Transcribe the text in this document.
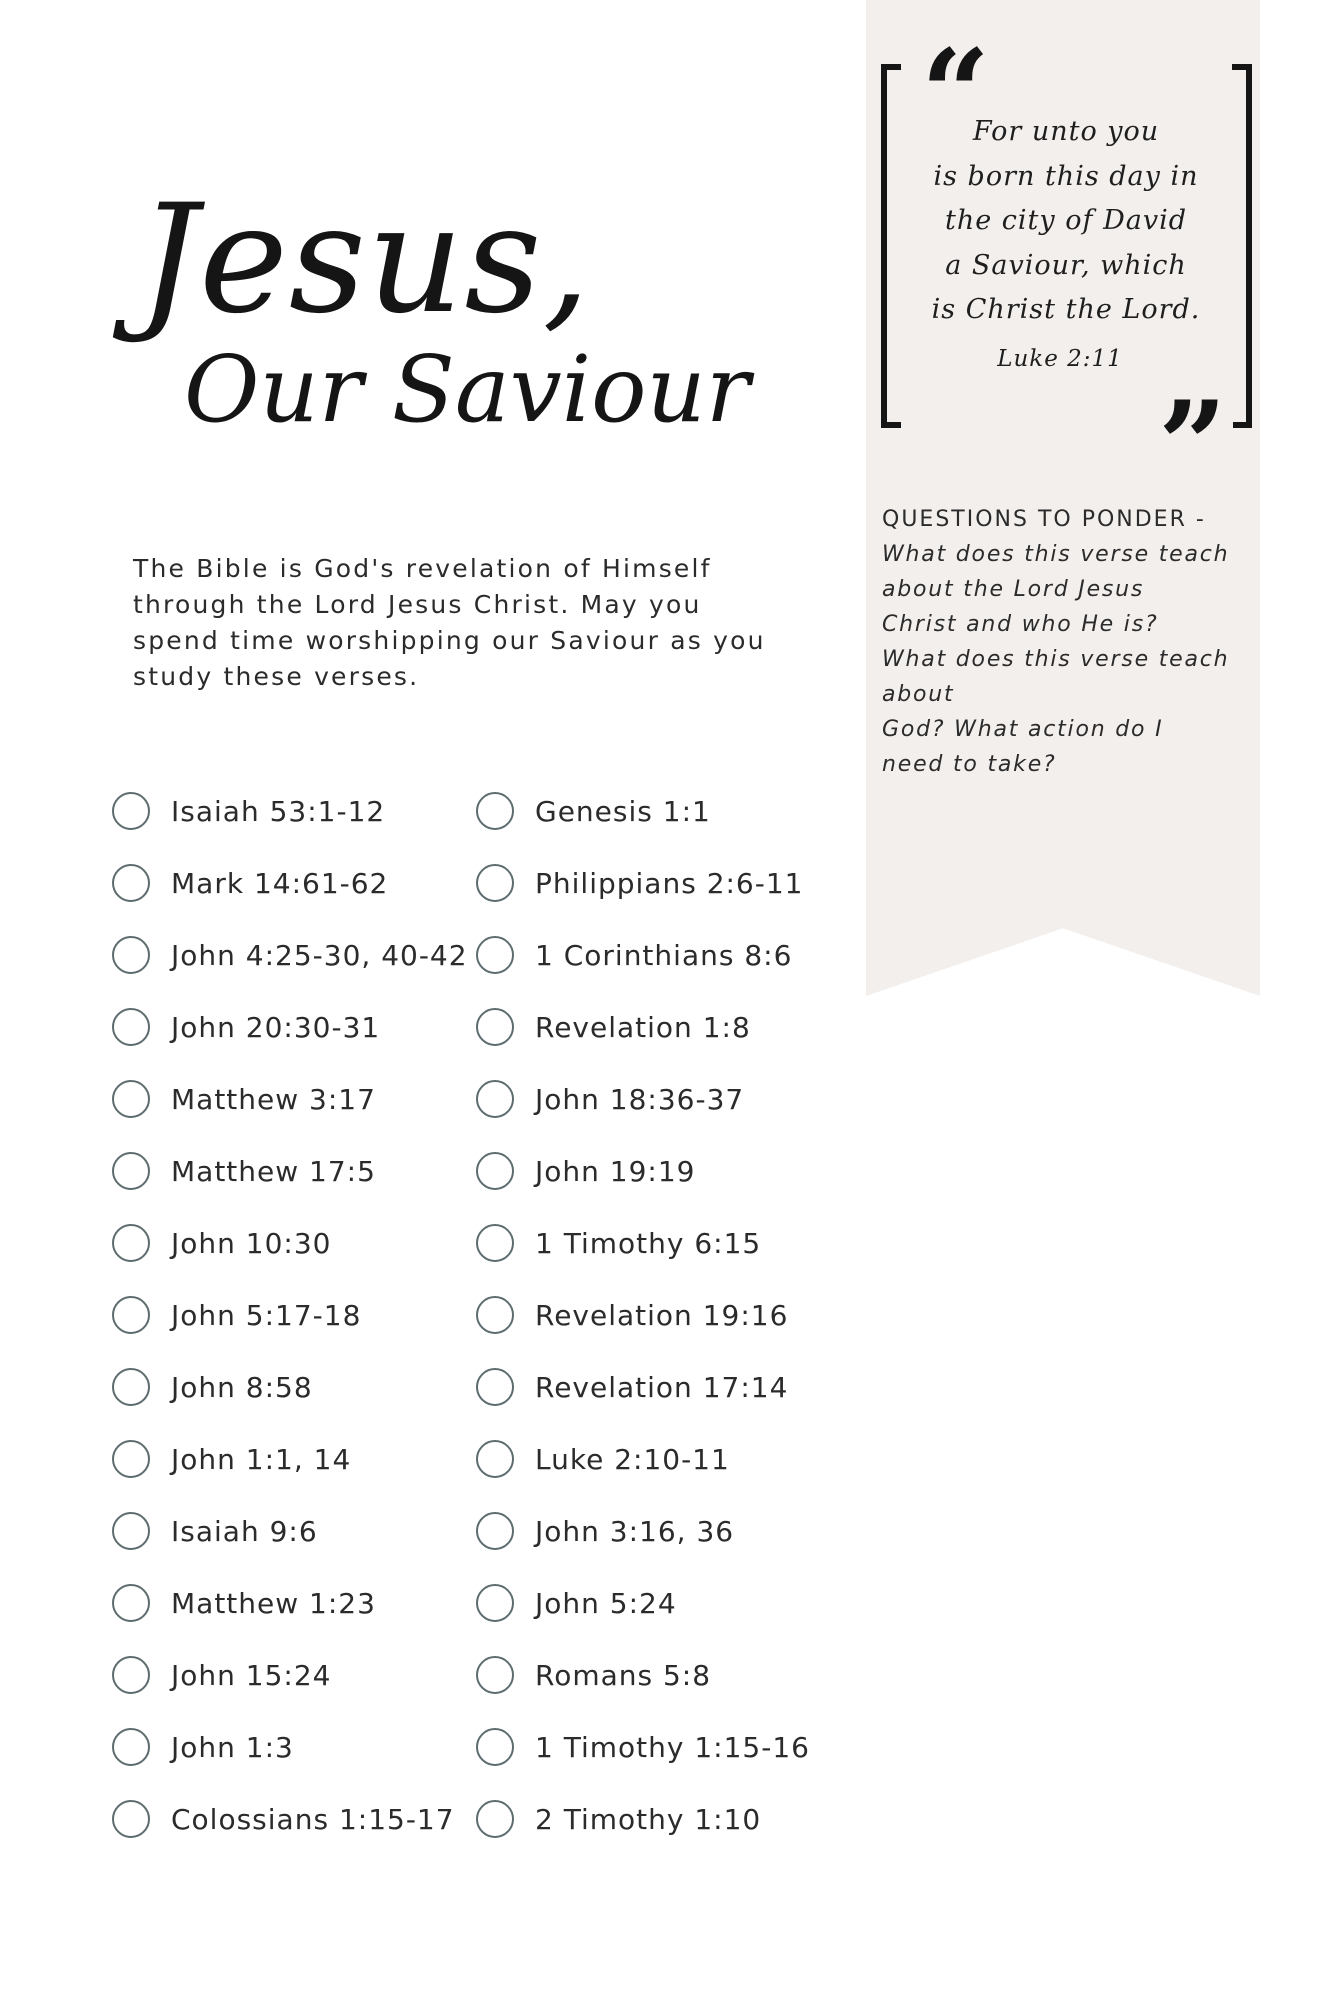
Jesus,
Our Saviour

The Bible is God's revelation of Himself through the Lord Jesus Christ. May you spend time worshipping our Saviour as you study these verses.

Isaiah 53:1-12
Mark 14:61-62
John 4:25-30, 40-42
John 20:30-31
Matthew 3:17
Matthew 17:5
John 10:30
John 5:17-18
John 8:58
John 1:1, 14
Isaiah 9:6
Matthew 1:23
John 15:24
John 1:3
Colossians 1:15-17
Genesis 1:1
Philippians 2:6-11
1 Corinthians 8:6
Revelation 1:8
John 18:36-37
John 19:19
1 Timothy 6:15
Revelation 19:16
Revelation 17:14
Luke 2:10-11
John 3:16, 36
John 5:24
Romans 5:8
1 Timothy 1:15-16
2 Timothy 1:10

“

”

For unto you
is born this day in
the city of David
a Saviour, which
is Christ the Lord.

Luke 2:11

QUESTIONS TO PONDER -

What does this verse teach
about the Lord Jesus
Christ and who He is?
What does this verse teach
about
God? What action do I
need to take?
